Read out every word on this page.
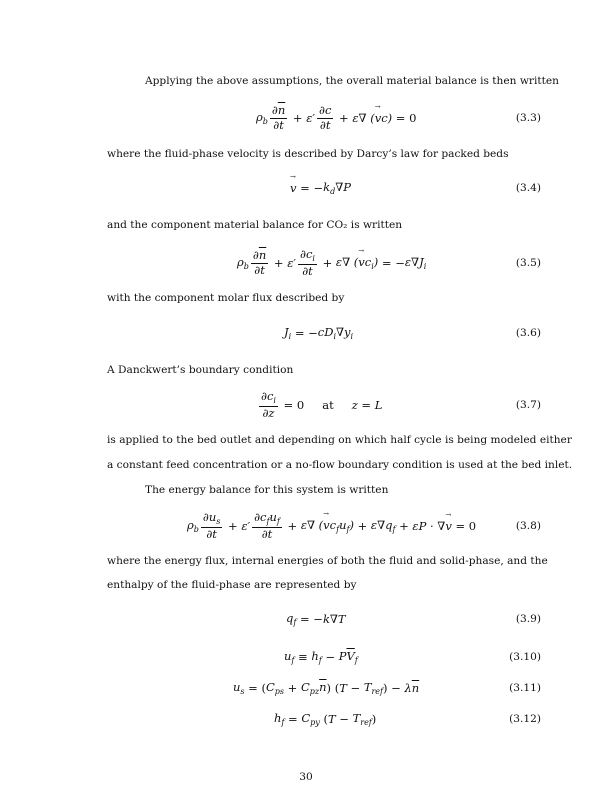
Applying the above assumptions, the overall material balance is then written
$\rho_b \frac{\partial\overline{n}}{\partial t} + \varepsilon' \frac{\partial c}{\partial t} + \varepsilon\nabla$ (→ vc) = 0	(3.3)
where the fluid-phase velocity is described by Darcy’s law for packed beds
→ v = − $k_d\nabla P$	(3.4)
and the component material balance for CO₂ is written
$\rho_b \frac{\partial\overline{n}}{\partial t} + \varepsilon' \frac{\partial c_i}{\partial t} + \varepsilon\nabla$ (→ $vc_i$) = − $\varepsilon\nabla J_i$	(3.5)
with the component molar flux described by
$J_i$ = − $cD_i\nabla y_i$	(3.6)
A Danckwert’s boundary condition
$\frac{\partial c_i}{\partial z} = 0$ at z = L	(3.7)
is applied to the bed outlet and depending on which half cycle is being modeled either
a constant feed concentration or a no-flow boundary condition is used at the bed inlet.
The energy balance for this system is written
$\rho_b \frac{\partial u_s}{\partial t} + \varepsilon' \frac{\partial c_fu_f}{\partial t} + \varepsilon\nabla$ (→ $vc_fu_f) + \varepsilon\nabla q_f + \varepsilon P$ · ∇→ v = 0	(3.8)
where the energy flux, internal energies of both the fluid and solid-phase, and the
enthalpy of the fluid-phase are represented by
$q_f$ = − k∇T	(3.9)
$u_f \equiv h_f - P\overline{V}_f$	(3.10)
$u_s$ = ( $C_{ps} + C_{pz}\overline{n}$ ) ( $T - T_{ref}$ ) − $\lambda\overline{n}$	(3.11)
$h_f = C_{py}$ ( $T - T_{ref}$ )	(3.12)
30
